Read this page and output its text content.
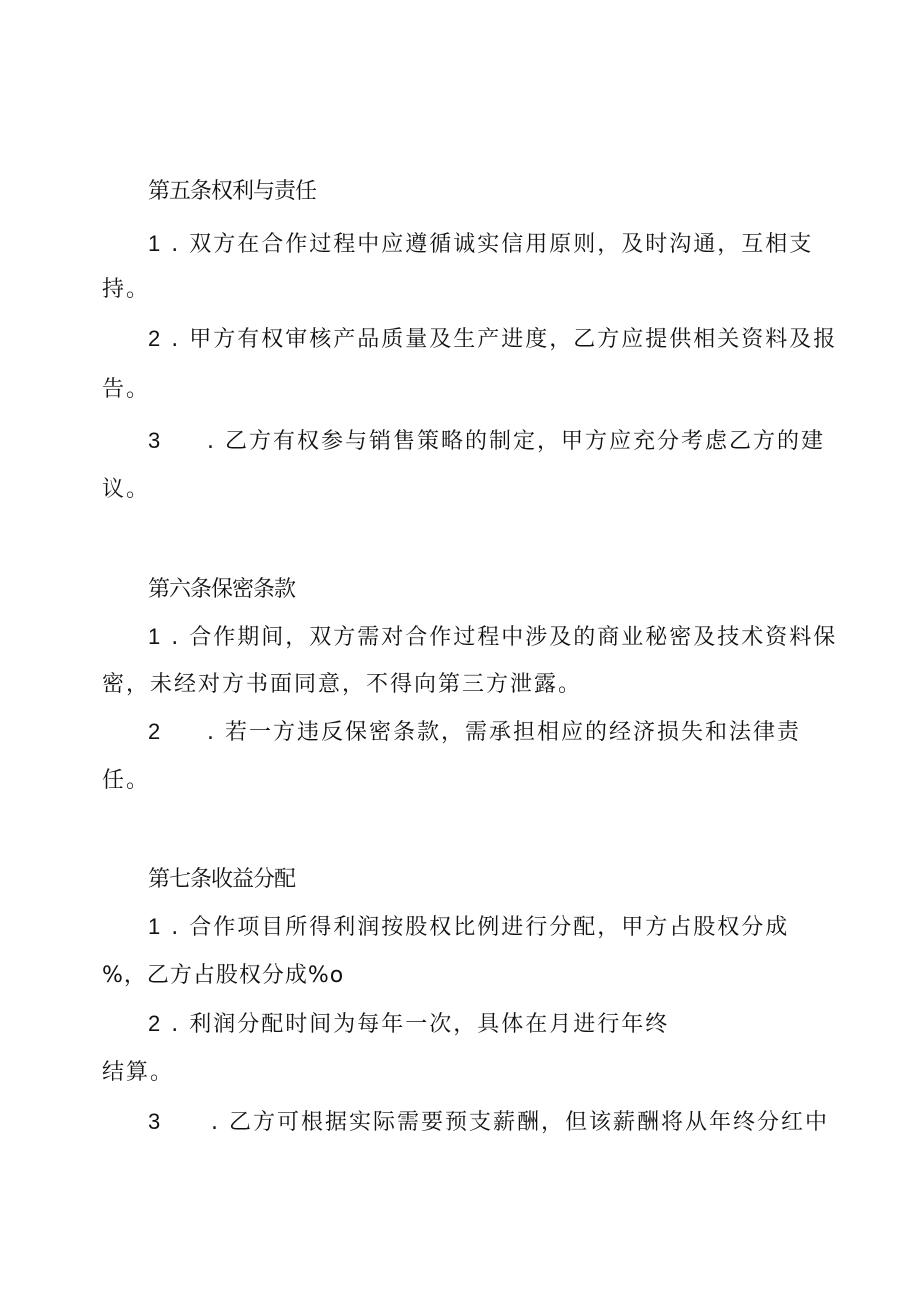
第五条权利与责任
1 . 双方在合作过程中应遵循诚实信用原则，及时沟通，互相支
持。
2 . 甲方有权审核产品质量及生产进度，乙方应提供相关资料及报
告。
3 . 乙方有权参与销售策略的制定，甲方应充分考虑乙方的建
议。
第六条保密条款
1 . 合作期间，双方需对合作过程中涉及的商业秘密及技术资料保
密，未经对方书面同意，不得向第三方泄露。
2 . 若一方违反保密条款，需承担相应的经济损失和法律责
任。
第七条收益分配
1 . 合作项目所得利润按股权比例进行分配，甲方占股权分成
%，乙方占股权分成%o
2 . 利润分配时间为每年一次，具体在月进行年终
结算。
3 . 乙方可根据实际需要预支薪酬，但该薪酬将从年终分红中
